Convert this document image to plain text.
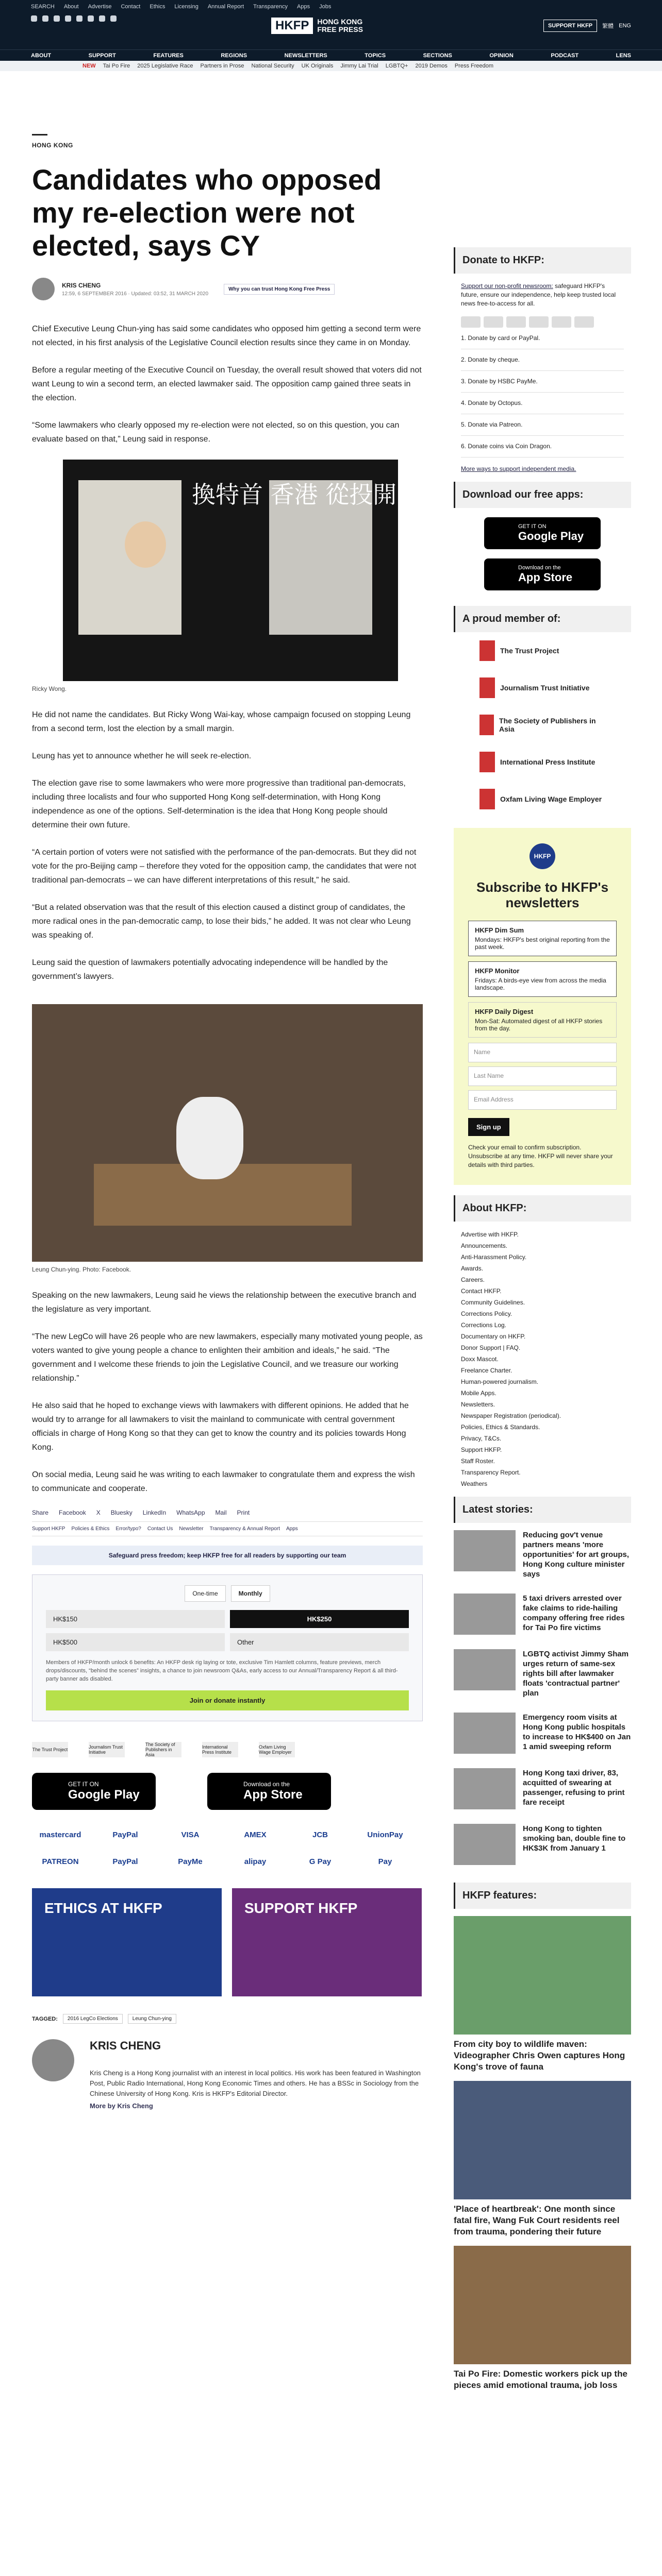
SEARCH About Advertise Contact Ethics Licensing Annual Report Transparency Apps Jobs
HKFP	HONG KONG FREE PRESS	SUPPORT HKFP	繁體 ENG
ABOUT	SUPPORT	FEATURES	REGIONS	NEWSLETTERS	TOPICS	SECTIONS	OPINION	PODCAST	LENS
NEW Tai Po Fire 2025 Legislative Race Partners in Prose National Security UK Originals Jimmy Lai Trial LGBTQ+ 2019 Demos Press Freedom
HONG KONG
Candidates who opposed my re-election were not elected, says CY
KRIS CHENG
12:59, 6 SEPTEMBER 2016 · Updated: 03:52, 31 MARCH 2020
Why you can trust Hong Kong Free Press

Chief Executive Leung Chun-ying has said some candidates who opposed him getting a second term were not elected, in his first analysis of the Legislative Council election results since they came in on Monday.

Before a regular meeting of the Executive Council on Tuesday, the overall result showed that voters did not want Leung to win a second term, an elected lawmaker said. The opposition camp gained three seats in the election.

“Some lawmakers who clearly opposed my re-election were not elected, so on this question, you can evaluate based on that,” Leung said in response.

換特首 香港 從投開
Ricky Wong.

He did not name the candidates. But Ricky Wong Wai-kay, whose campaign focused on stopping Leung from a second term, lost the election by a small margin.

Leung has yet to announce whether he will seek re-election.

The election gave rise to some lawmakers who were more progressive than traditional pan-democrats, including three localists and four who supported Hong Kong self-determination, with Hong Kong independence as one of the options. Self-determination is the idea that Hong Kong people should determine their own future.

“A certain portion of voters were not satisfied with the performance of the pan-democrats. But they did not vote for the pro-Beijing camp – therefore they voted for the opposition camp, the candidates that were not traditional pan-democrats – we can have different interpretations of this result,” he said.

“But a related observation was that the result of this election caused a distinct group of candidates, the more radical ones in the pan-democratic camp, to lose their bids,” he added. It was not clear who Leung was speaking of.

Leung said the question of lawmakers potentially advocating independence will be handled by the government’s lawyers.

Leung Chun-ying. Photo: Facebook.

Speaking on the new lawmakers, Leung said he views the relationship between the executive branch and the legislature as very important.

“The new LegCo will have 26 people who are new lawmakers, especially many motivated young people, as voters wanted to give young people a chance to enlighten their ambition and ideals,” he said. “The government and I welcome these friends to join the Legislative Council, and we treasure our working relationship.”

He also said that he hoped to exchange views with lawmakers with different opinions. He added that he would try to arrange for all lawmakers to visit the mainland to communicate with central government officials in charge of Hong Kong so that they can get to know the country and its policies towards Hong Kong.

On social media, Leung said he was writing to each lawmaker to congratulate them and express the wish to communicate and cooperate.

Share Facebook X Bluesky LinkedIn WhatsApp Mail Print
Support HKFP Policies & Ethics Error/typo? Contact Us Newsletter Transparency & Annual Report Apps
Safeguard press freedom; keep HKFP free for all readers by supporting our team
One-time	Monthly
HK$150	HK$250
HK$500	Other
Members of HKFP/month unlock 6 benefits: An HKFP desk rig laying or tote, exclusive Tim Hamlett columns, feature previews, merch drops/discounts, “behind the scenes” insights, a chance to join newsroom Q&As, early access to our Annual/Transparency Report & all third-party banner ads disabled.
Join or donate instantly
The Trust Project	Journalism Trust Initiative
The Society of Publishers in Asia
International Press Institute
Oxfam Living Wage Employer
GET IT ON
Google Play
Download on the
App Store
mastercard	PayPal	VISA	AMEX	JCB	UnionPay
PATREON	PayPal	PayMe	alipay	G Pay	Pay
ETHICS AT HKFP	SUPPORT HKFP
TAGGED:	2016 LegCo Elections	Leung Chun-ying
KRIS CHENG
Kris Cheng is a Hong Kong journalist with an interest in local politics. His work has been featured in Washington Post, Public Radio International, Hong Kong Economic Times and others. He has a BSSc in Sociology from the Chinese University of Hong Kong. Kris is HKFP's Editorial Director.
More by Kris Cheng
Donate to HKFP:
Support our non-profit newsroom: safeguard HKFP's future, ensure our independence, help keep trusted local news free-to-access for all.
1. Donate by card or PayPal.
2. Donate by cheque.
3. Donate by HSBC PayMe.
4. Donate by Octopus.
5. Donate via Patreon.
6. Donate coins via Coin Dragon.
More ways to support independent media.
Download our free apps:
GET IT ON
Google Play
Download on the
App Store
A proud member of:
The Trust Project
Journalism Trust Initiative
The Society of Publishers in Asia
International Press Institute
Oxfam Living Wage Employer
HKFP
Subscribe to HKFP's newsletters
HKFP Dim Sum
Mondays: HKFP's best original reporting from the past week.
HKFP Monitor
Fridays: A birds-eye view from across the media landscape.
HKFP Daily Digest
Mon-Sat: Automated digest of all HKFP stories from the day.
Name
Last Name
Email Address
Sign up
Check your email to confirm subscription. Unsubscribe at any time. HKFP will never share your details with third parties.
About HKFP:
Advertise with HKFP.
Announcements.
Anti-Harassment Policy.
Awards.
Careers.
Contact HKFP.
Community Guidelines.
Corrections Policy.
Corrections Log.
Documentary on HKFP.
Donor Support | FAQ.
Doxx Mascot.
Freelance Charter.
Human-powered journalism.
Mobile Apps.
Newsletters.
Newspaper Registration (periodical).
Policies, Ethics & Standards.
Privacy, T&Cs.
Support HKFP.
Staff Roster.
Transparency Report.
Weathers
Latest stories:
Reducing gov't venue partners means 'more opportunities' for art groups, Hong Kong culture minister says
5 taxi drivers arrested over fake claims to ride-hailing company offering free rides for Tai Po fire victims
LGBTQ activist Jimmy Sham urges return of same-sex rights bill after lawmaker floats 'contractual partner' plan
Emergency room visits at Hong Kong public hospitals to increase to HK$400 on Jan 1 amid sweeping reform
Hong Kong taxi driver, 83, acquitted of swearing at passenger, refusing to print fare receipt
Hong Kong to tighten smoking ban, double fine to HK$3K from January 1
HKFP features:
From city boy to wildlife maven: Videographer Chris Owen captures Hong Kong's trove of fauna
'Place of heartbreak': One month since fatal fire, Wang Fuk Court residents reel from trauma, pondering their future
Tai Po Fire: Domestic workers pick up the pieces amid emotional trauma, job loss
